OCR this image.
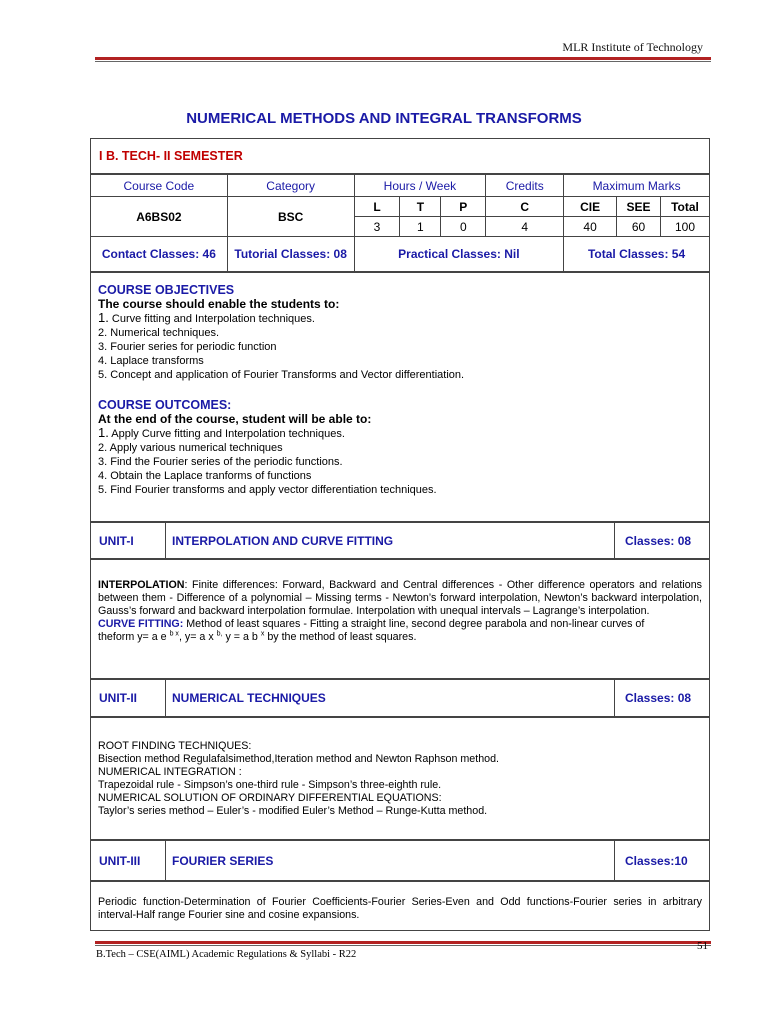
MLR Institute of Technology
NUMERICAL METHODS AND INTEGRAL TRANSFORMS
I B. TECH- II SEMESTER
Course Code	Category	Hours / Week			Credits	Maximum Marks		
A6BS02	BSC	L	T	P	C	CIE	SEE	Total
		3	1	0	4	40	60	100
Contact Classes: 46	Tutorial Classes: 08	Practical Classes: Nil				Total Classes: 54		
COURSE OBJECTIVES
The course should enable the students to:
1. Curve fitting and Interpolation techniques.
2. Numerical techniques.
3. Fourier series for periodic function
4. Laplace transforms
5. Concept and application of Fourier Transforms and Vector differentiation.
COURSE OUTCOMES:
At the end of the course, student will be able to:
1. Apply Curve fitting and Interpolation techniques.
2. Apply various numerical techniques
3. Find the Fourier series of the periodic functions.
4. Obtain the Laplace tranforms of functions
5. Find Fourier transforms and apply vector differentiation techniques.
UNIT-I	INTERPOLATION AND CURVE FITTING	Classes: 08
INTERPOLATION: Finite differences: Forward, Backward and Central differences - Other difference operators and relations between them - Difference of a polynomial – Missing terms - Newton’s forward interpolation, Newton’s backward interpolation, Gauss’s forward and backward interpolation formulae. Interpolation with unequal intervals – Lagrange’s interpolation.
CURVE FITTING: Method of least squares - Fitting a straight line, second degree parabola and non-linear curves of
theform y= a e $^{b x}$, y= a x $^{b,}$ y = a b $^x$ by the method of least squares.
UNIT-II	NUMERICAL TECHNIQUES	Classes: 08
ROOT FINDING TECHNIQUES:
Bisection method Regulafalsimethod,Iteration method and Newton Raphson method.
NUMERICAL INTEGRATION :
Trapezoidal rule - Simpson’s one-third rule - Simpson’s three-eighth rule.
NUMERICAL SOLUTION OF ORDINARY DIFFERENTIAL EQUATIONS:
Taylor’s series method – Euler’s - modified Euler’s Method – Runge-Kutta method.
UNIT-III	FOURIER SERIES	Classes:10
Periodic function-Determination of Fourier Coefficients-Fourier Series-Even and Odd functions-Fourier series in arbitrary interval-Half range Fourier sine and cosine expansions.
B.Tech – CSE(AIML) Academic Regulations & Syllabi - R22
51
